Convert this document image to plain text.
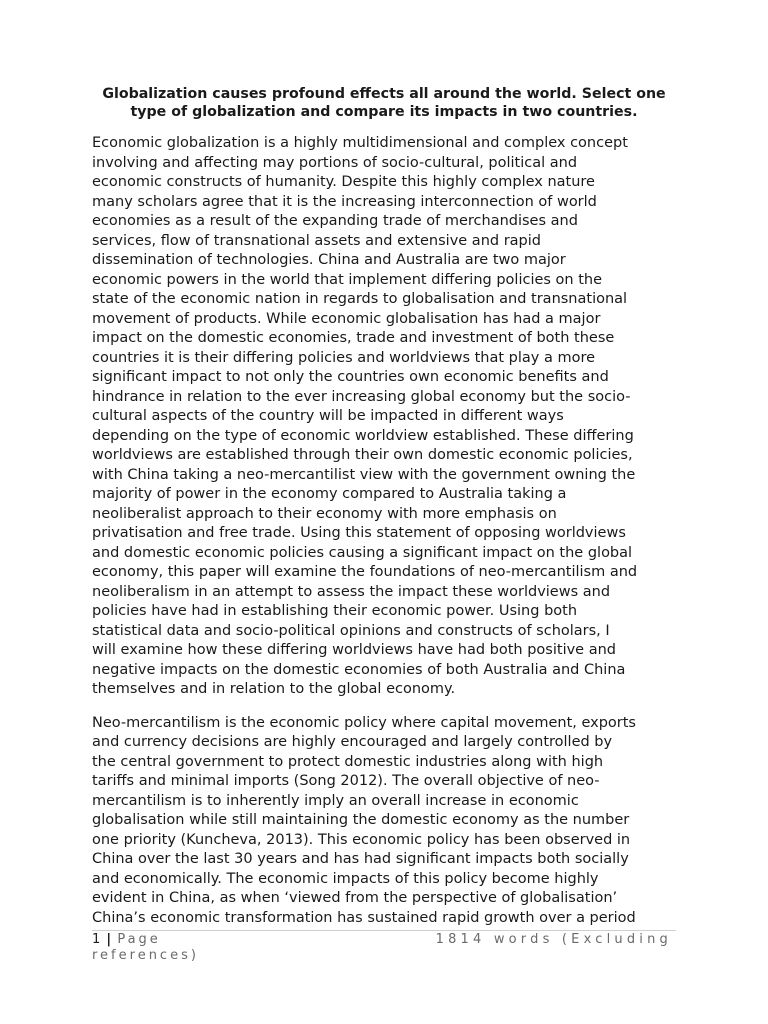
Globalization causes profound effects all around the world. Select one
type of globalization and compare its impacts in two countries.

Economic globalization is a highly multidimensional and complex concept
involving and affecting may portions of socio-cultural, political and
economic constructs of humanity. Despite this highly complex nature
many scholars agree that it is the increasing interconnection of world
economies as a result of the expanding trade of merchandises and
services, flow of transnational assets and extensive and rapid
dissemination of technologies. China and Australia are two major
economic powers in the world that implement differing policies on the
state of the economic nation in regards to globalisation and transnational
movement of products. While economic globalisation has had a major
impact on the domestic economies, trade and investment of both these
countries it is their differing policies and worldviews that play a more
significant impact to not only the countries own economic benefits and
hindrance in relation to the ever increasing global economy but the socio-
cultural aspects of the country will be impacted in different ways
depending on the type of economic worldview established. These differing
worldviews are established through their own domestic economic policies,
with China taking a neo-mercantilist view with the government owning the
majority of power in the economy compared to Australia taking a
neoliberalist approach to their economy with more emphasis on
privatisation and free trade. Using this statement of opposing worldviews
and domestic economic policies causing a significant impact on the global
economy, this paper will examine the foundations of neo-mercantilism and
neoliberalism in an attempt to assess the impact these worldviews and
policies have had in establishing their economic power. Using both
statistical data and socio-political opinions and constructs of scholars, I
will examine how these differing worldviews have had both positive and
negative impacts on the domestic economies of both Australia and China
themselves and in relation to the global economy.

Neo-mercantilism is the economic policy where capital movement, exports
and currency decisions are highly encouraged and largely controlled by
the central government to protect domestic industries along with high
tariffs and minimal imports (Song 2012). The overall objective of neo-
mercantilism is to inherently imply an overall increase in economic
globalisation while still maintaining the domestic economy as the number
one priority (Kuncheva, 2013). This economic policy has been observed in
China over the last 30 years and has had significant impacts both socially
and economically. The economic impacts of this policy become highly
evident in China, as when ‘viewed from the perspective of globalisation’
China’s economic transformation has sustained rapid growth over a period

1 | Page	1814 words (Excluding
references)
